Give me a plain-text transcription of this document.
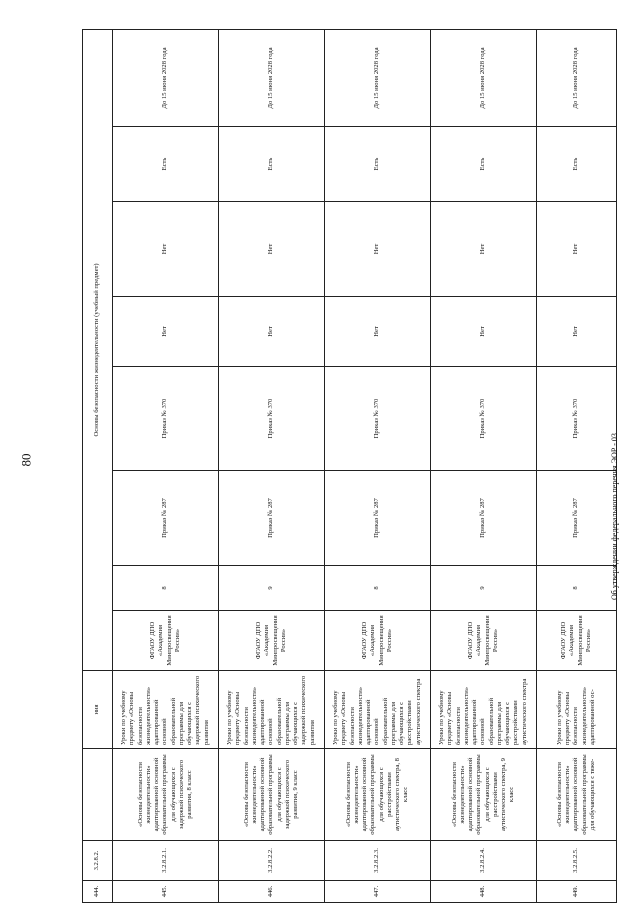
80
444.	3.2.8.2.		ния	Основы безопасности жизнедеятельности (учебный предмет)							
445.	3.2.8.2.1.	«Основы безопасности жизнедеятельности» адаптированной основной образовательной программы для обучающихся с задержкой психического развития, 8 класс	Уроки по учебному предмету «Основы безопасности жизнедеятельности» адаптированной основной образовательной программы для обучающихся с задержкой психического развития	ФГАОУ ДПО «Академия Минпросвещения России»	8	Приказ № 287	Приказ № 370	Нет	Нет	Есть	До 15 июня 2028 года
446.	3.2.8.2.2.	«Основы безопасности жизнедеятельности» адаптированной основной образовательной программы для обучающихся с задержкой психического развития, 9 класс	Уроки по учебному предмету «Основы безопасности жизнедеятельности» адаптированной основной образовательной программы для обучающихся с задержкой психического развития	ФГАОУ ДПО «Академия Минпросвещения России»	9	Приказ № 287	Приказ № 370	Нет	Нет	Есть	До 15 июня 2028 года
447.	3.2.8.2.3.	«Основы безопасности жизнедеятельности» адаптированной основной образовательной программы для обучающихся с расстройствами аутистического спектра, 8 класс	Уроки по учебному предмету «Основы безопасности жизнедеятельности» адаптированной основной образовательной программы для обучающихся с расстройствами аутистического спектра	ФГАОУ ДПО «Академия Минпросвещения России»	8	Приказ № 287	Приказ № 370	Нет	Нет	Есть	До 15 июня 2028 года
448.	3.2.8.2.4.	«Основы безопасности жизнедеятельности» адаптированной основной образовательной программы для обучающихся с расстройствами аутистического спектра, 9 класс	Уроки по учебному предмету «Основы безопасности жизнедеятельности» адаптированной основной образовательной программы для обучающихся с расстройствами аутистического спектра	ФГАОУ ДПО «Академия Минпросвещения России»	9	Приказ № 287	Приказ № 370	Нет	Нет	Есть	До 15 июня 2028 года
449.	3.2.8.2.5.	«Основы безопасности жизнедеятельности» адаптированной основной образовательной программы для обучающихся с тяже-	Уроки по учебному предмету «Основы безопасности жизнедеятельности» адаптированной ос-	ФГАОУ ДПО «Академия Минпросвещения России»	8	Приказ № 287	Приказ № 370	Нет	Нет	Есть	До 15 июня 2028 года
Об утверждении федерального перечня ЭОР - 03
